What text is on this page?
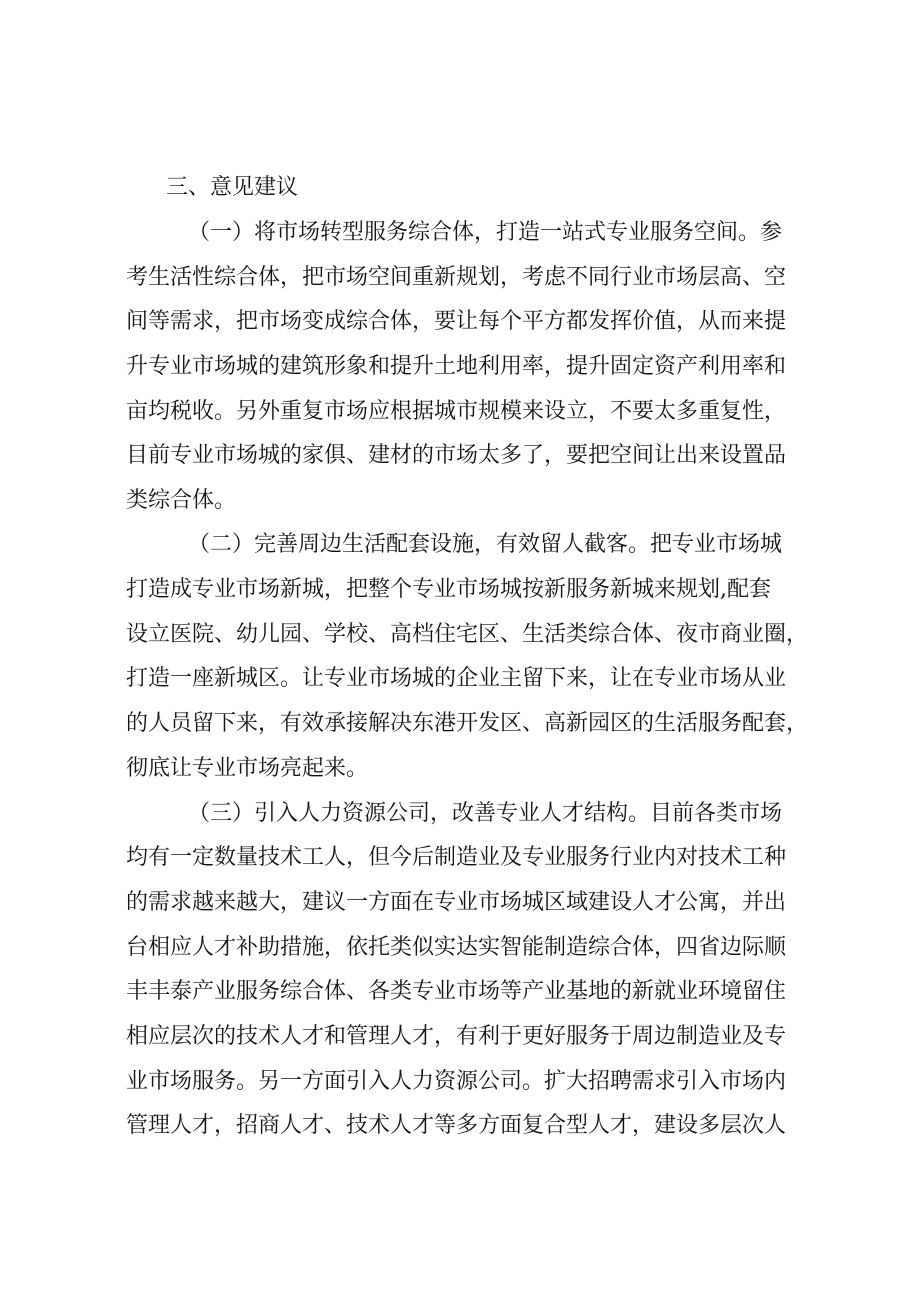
三、意见建议
（一）将市场转型服务综合体，打造一站式专业服务空间。参
考生活性综合体，把市场空间重新规划，考虑不同行业市场层高、空
间等需求，把市场变成综合体，要让每个平方都发挥价值，从而来提
升专业市场城的建筑形象和提升土地利用率，提升固定资产利用率和
亩均税收。另外重复市场应根据城市规模来设立，不要太多重复性，
目前专业市场城的家俱、建材的市场太多了，要把空间让出来设置品
类综合体。
（二）完善周边生活配套设施，有效留人截客。把专业市场城
打造成专业市场新城，把整个专业市场城按新服务新城来规划,配套
设立医院、幼儿园、学校、高档住宅区、生活类综合体、夜市商业圈，
打造一座新城区。让专业市场城的企业主留下来，让在专业市场从业
的人员留下来，有效承接解决东港开发区、高新园区的生活服务配套，
彻底让专业市场亮起来。
（三）引入人力资源公司，改善专业人才结构。目前各类市场
均有一定数量技术工人，但今后制造业及专业服务行业内对技术工种
的需求越来越大，建议一方面在专业市场城区域建设人才公寓，并出
台相应人才补助措施，依托类似实达实智能制造综合体，四省边际顺
丰丰泰产业服务综合体、各类专业市场等产业基地的新就业环境留住
相应层次的技术人才和管理人才，有利于更好服务于周边制造业及专
业市场服务。另一方面引入人力资源公司。扩大招聘需求引入市场内
管理人才，招商人才、技术人才等多方面复合型人才，建设多层次人
